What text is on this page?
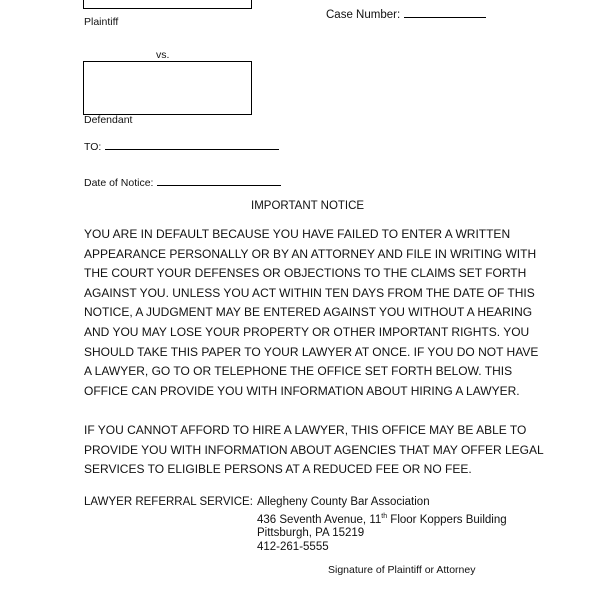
Plaintiff
Case Number:
vs.
Defendant
TO:
Date of Notice:
IMPORTANT NOTICE
YOU ARE IN DEFAULT BECAUSE YOU HAVE FAILED TO ENTER A WRITTEN
APPEARANCE PERSONALLY OR BY AN ATTORNEY AND FILE IN WRITING WITH
THE COURT YOUR DEFENSES OR OBJECTIONS TO THE CLAIMS SET FORTH
AGAINST YOU. UNLESS YOU ACT WITHIN TEN DAYS FROM THE DATE OF THIS
NOTICE, A JUDGMENT MAY BE ENTERED AGAINST YOU WITHOUT A HEARING
AND YOU MAY LOSE YOUR PROPERTY OR OTHER IMPORTANT RIGHTS. YOU
SHOULD TAKE THIS PAPER TO YOUR LAWYER AT ONCE. IF YOU DO NOT HAVE
A LAWYER, GO TO OR TELEPHONE THE OFFICE SET FORTH BELOW. THIS
OFFICE CAN PROVIDE YOU WITH INFORMATION ABOUT HIRING A LAWYER.
IF YOU CANNOT AFFORD TO HIRE A LAWYER, THIS OFFICE MAY BE ABLE TO
PROVIDE YOU WITH INFORMATION ABOUT AGENCIES THAT MAY OFFER LEGAL
SERVICES TO ELIGIBLE PERSONS AT A REDUCED FEE OR NO FEE.
LAWYER REFERRAL SERVICE: Allegheny County Bar Association
436 Seventh Avenue, 11th Floor Koppers Building
Pittsburgh, PA 15219
412-261-5555
Signature of Plaintiff or Attorney
